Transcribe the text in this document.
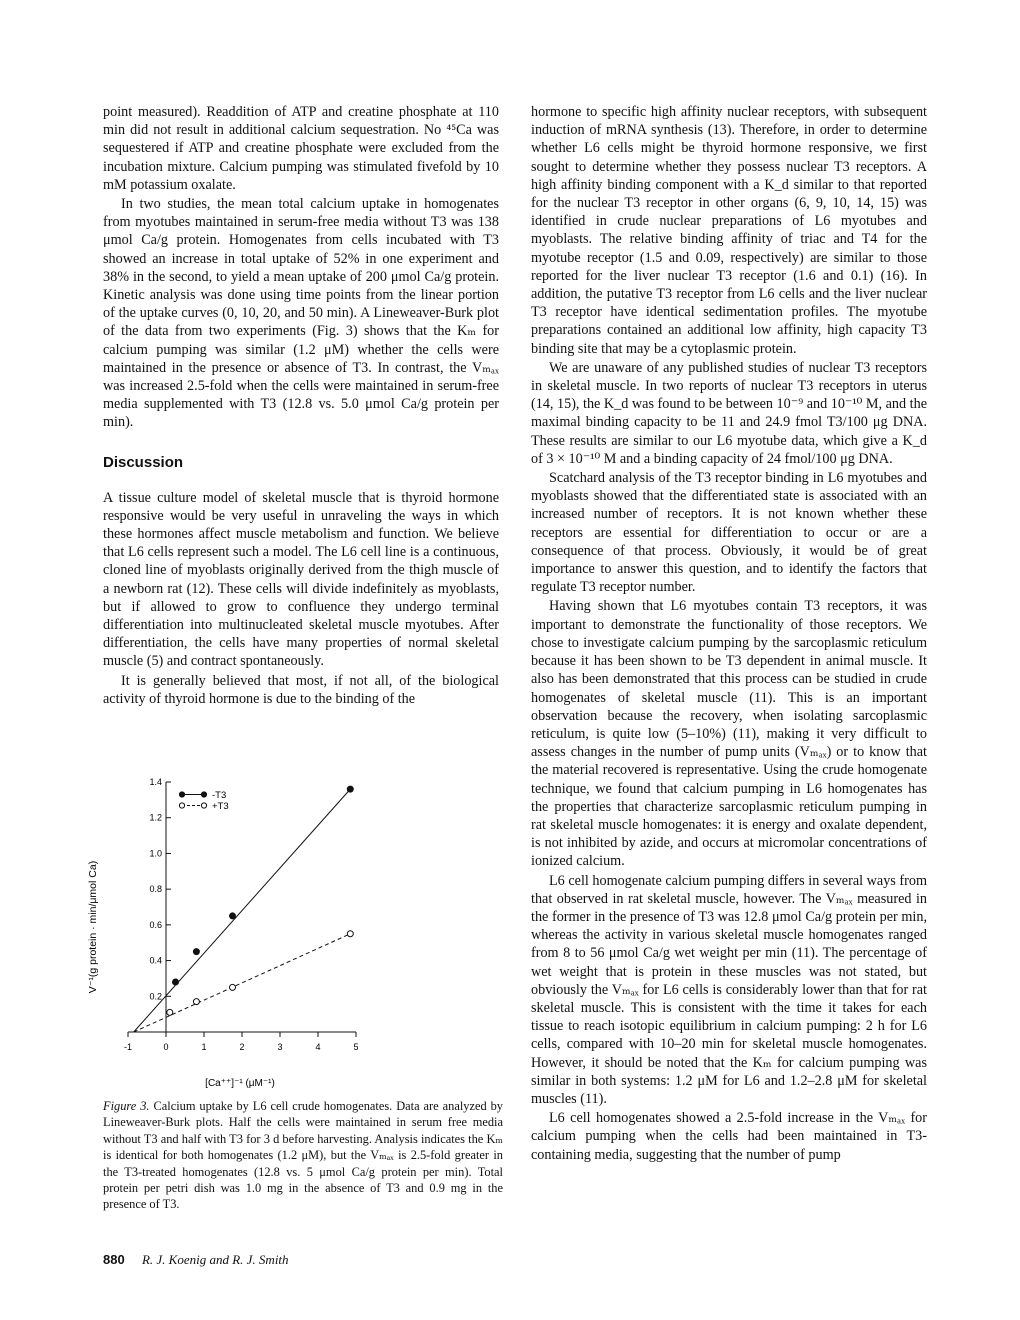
point measured). Readdition of ATP and creatine phosphate at 110 min did not result in additional calcium sequestration. No ⁴⁵Ca was sequestered if ATP and creatine phosphate were excluded from the incubation mixture. Calcium pumping was stimulated fivefold by 10 mM potassium oxalate.

In two studies, the mean total calcium uptake in homogenates from myotubes maintained in serum-free media without T3 was 138 μmol Ca/g protein. Homogenates from cells incubated with T3 showed an increase in total uptake of 52% in one experiment and 38% in the second, to yield a mean uptake of 200 μmol Ca/g protein. Kinetic analysis was done using time points from the linear portion of the uptake curves (0, 10, 20, and 50 min). A Lineweaver-Burk plot of the data from two experiments (Fig. 3) shows that the Kₘ for calcium pumping was similar (1.2 μM) whether the cells were maintained in the presence or absence of T3. In contrast, the Vₘₐₓ was increased 2.5-fold when the cells were maintained in serum-free media supplemented with T3 (12.8 vs. 5.0 μmol Ca/g protein per min).

Discussion

A tissue culture model of skeletal muscle that is thyroid hormone responsive would be very useful in unraveling the ways in which these hormones affect muscle metabolism and function. We believe that L6 cells represent such a model. The L6 cell line is a continuous, cloned line of myoblasts originally derived from the thigh muscle of a newborn rat (12). These cells will divide indefinitely as myoblasts, but if allowed to grow to confluence they undergo terminal differentiation into multinucleated skeletal muscle myotubes. After differentiation, the cells have many properties of normal skeletal muscle (5) and contract spontaneously.

It is generally believed that most, if not all, of the biological activity of thyroid hormone is due to the binding of the

hormone to specific high affinity nuclear receptors, with subsequent induction of mRNA synthesis (13). Therefore, in order to determine whether L6 cells might be thyroid hormone responsive, we first sought to determine whether they possess nuclear T3 receptors. A high affinity binding component with a K_d similar to that reported for the nuclear T3 receptor in other organs (6, 9, 10, 14, 15) was identified in crude nuclear preparations of L6 myotubes and myoblasts. The relative binding affinity of triac and T4 for the myotube receptor (1.5 and 0.09, respectively) are similar to those reported for the liver nuclear T3 receptor (1.6 and 0.1) (16). In addition, the putative T3 receptor from L6 cells and the liver nuclear T3 receptor have identical sedimentation profiles. The myotube preparations contained an additional low affinity, high capacity T3 binding site that may be a cytoplasmic protein.

We are unaware of any published studies of nuclear T3 receptors in skeletal muscle. In two reports of nuclear T3 receptors in uterus (14, 15), the K_d was found to be between 10⁻⁹ and 10⁻¹⁰ M, and the maximal binding capacity to be 11 and 24.9 fmol T3/100 μg DNA. These results are similar to our L6 myotube data, which give a K_d of 3 × 10⁻¹⁰ M and a binding capacity of 24 fmol/100 μg DNA.

Scatchard analysis of the T3 receptor binding in L6 myotubes and myoblasts showed that the differentiated state is associated with an increased number of receptors. It is not known whether these receptors are essential for differentiation to occur or are a consequence of that process. Obviously, it would be of great importance to answer this question, and to identify the factors that regulate T3 receptor number.

Having shown that L6 myotubes contain T3 receptors, it was important to demonstrate the functionality of those receptors. We chose to investigate calcium pumping by the sarcoplasmic reticulum because it has been shown to be T3 dependent in animal muscle. It also has been demonstrated that this process can be studied in crude homogenates of skeletal muscle (11). This is an important observation because the recovery, when isolating sarcoplasmic reticulum, is quite low (5–10%) (11), making it very difficult to assess changes in the number of pump units (Vₘₐₓ) or to know that the material recovered is representative. Using the crude homogenate technique, we found that calcium pumping in L6 homogenates has the properties that characterize sarcoplasmic reticulum pumping in rat skeletal muscle homogenates: it is energy and oxalate dependent, is not inhibited by azide, and occurs at micromolar concentrations of ionized calcium.

L6 cell homogenate calcium pumping differs in several ways from that observed in rat skeletal muscle, however. The Vₘₐₓ measured in the former in the presence of T3 was 12.8 μmol Ca/g protein per min, whereas the activity in various skeletal muscle homogenates ranged from 8 to 56 μmol Ca/g wet weight per min (11). The percentage of wet weight that is protein in these muscles was not stated, but obviously the Vₘₐₓ for L6 cells is considerably lower than that for rat skeletal muscle. This is consistent with the time it takes for each tissue to reach isotopic equilibrium in calcium pumping: 2 h for L6 cells, compared with 10–20 min for skeletal muscle homogenates. However, it should be noted that the Kₘ for calcium pumping was similar in both systems: 1.2 μM for L6 and 1.2–2.8 μM for skeletal muscles (11).

L6 cell homogenates showed a 2.5-fold increase in the Vₘₐₓ for calcium pumping when the cells had been maintained in T3-containing media, suggesting that the number of pump

0.2
0.4
0.6
0.8
1.0
1.2
1.4
-1	0	1	2	3	4	5
-T3
+T3
V⁻¹(g protein · min/μmol Ca)
[Ca⁺⁺]⁻¹ (μM⁻¹)
Figure 3. Calcium uptake by L6 cell crude homogenates. Data are analyzed by Lineweaver-Burk plots. Half the cells were maintained in serum free media without T3 and half with T3 for 3 d before harvesting. Analysis indicates the Kₘ is identical for both homogenates (1.2 μM), but the Vₘₐₓ is 2.5-fold greater in the T3-treated homogenates (12.8 vs. 5 μmol Ca/g protein per min). Total protein per petri dish was 1.0 mg in the absence of T3 and 0.9 mg in the presence of T3.
880 R. J. Koenig and R. J. Smith
